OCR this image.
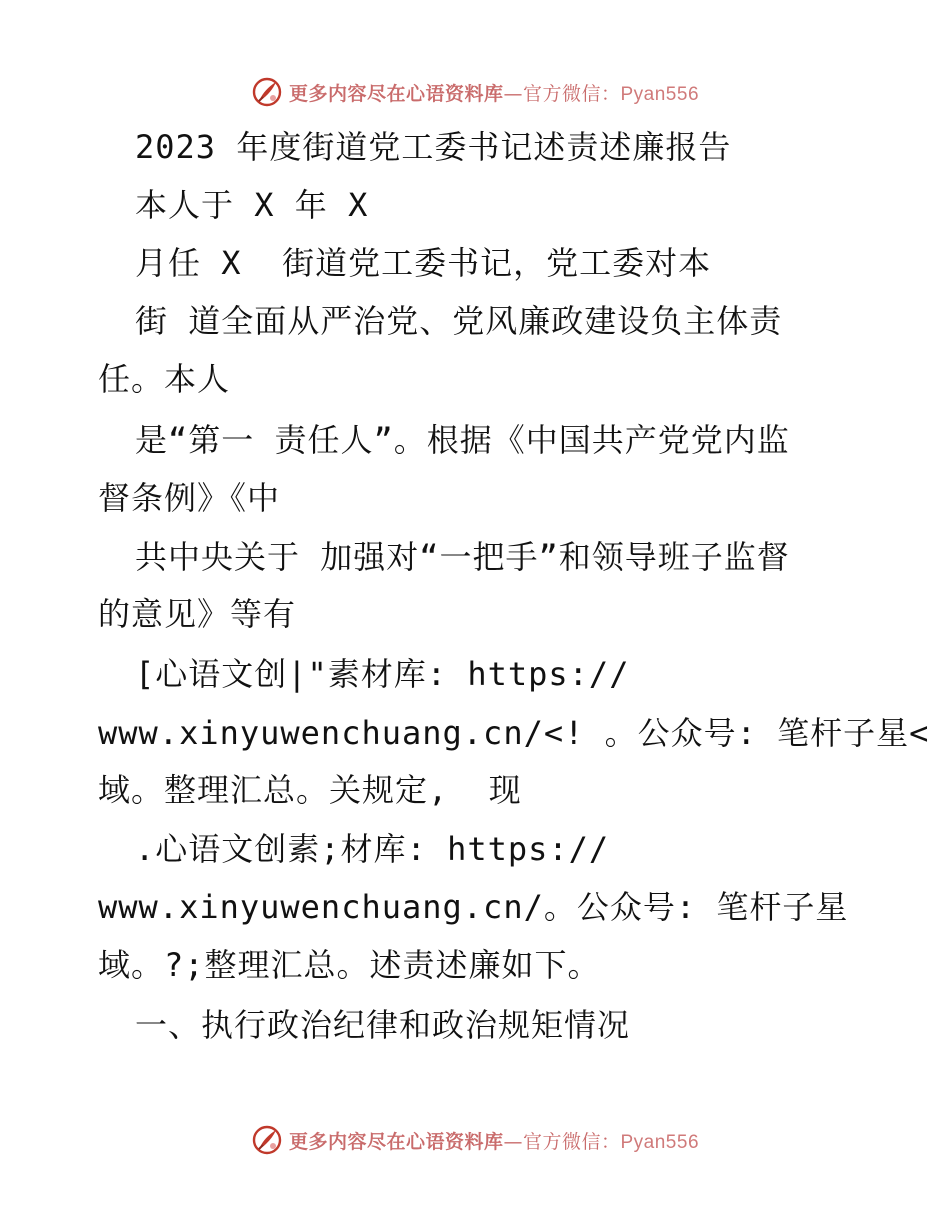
更多内容尽在心语资料库—官方微信：Pyan556
2023 年度街道党工委书记述责述廉报告
本人于 X 年 X
月任 X  街道党工委书记，党工委对本
街 道全面从严治党、党风廉政建设负主体责
任。本人
是“第一 责任人”。根据《中国共产党党内监
督条例》《中
共中央关于 加强对“一把手”和领导班子监督
的意见》等有
[心语文创|"素材库: https://
www.xinyuwenchuang.cn/<! 。公众号: 笔杆子星<
域。整理汇总。关规定,  现
.心语文创素;材库: https://
www.xinyuwenchuang.cn/。公众号: 笔杆子星
域。?;整理汇总。述责述廉如下。
一、执行政治纪律和政治规矩情况
更多内容尽在心语资料库—官方微信：Pyan556
